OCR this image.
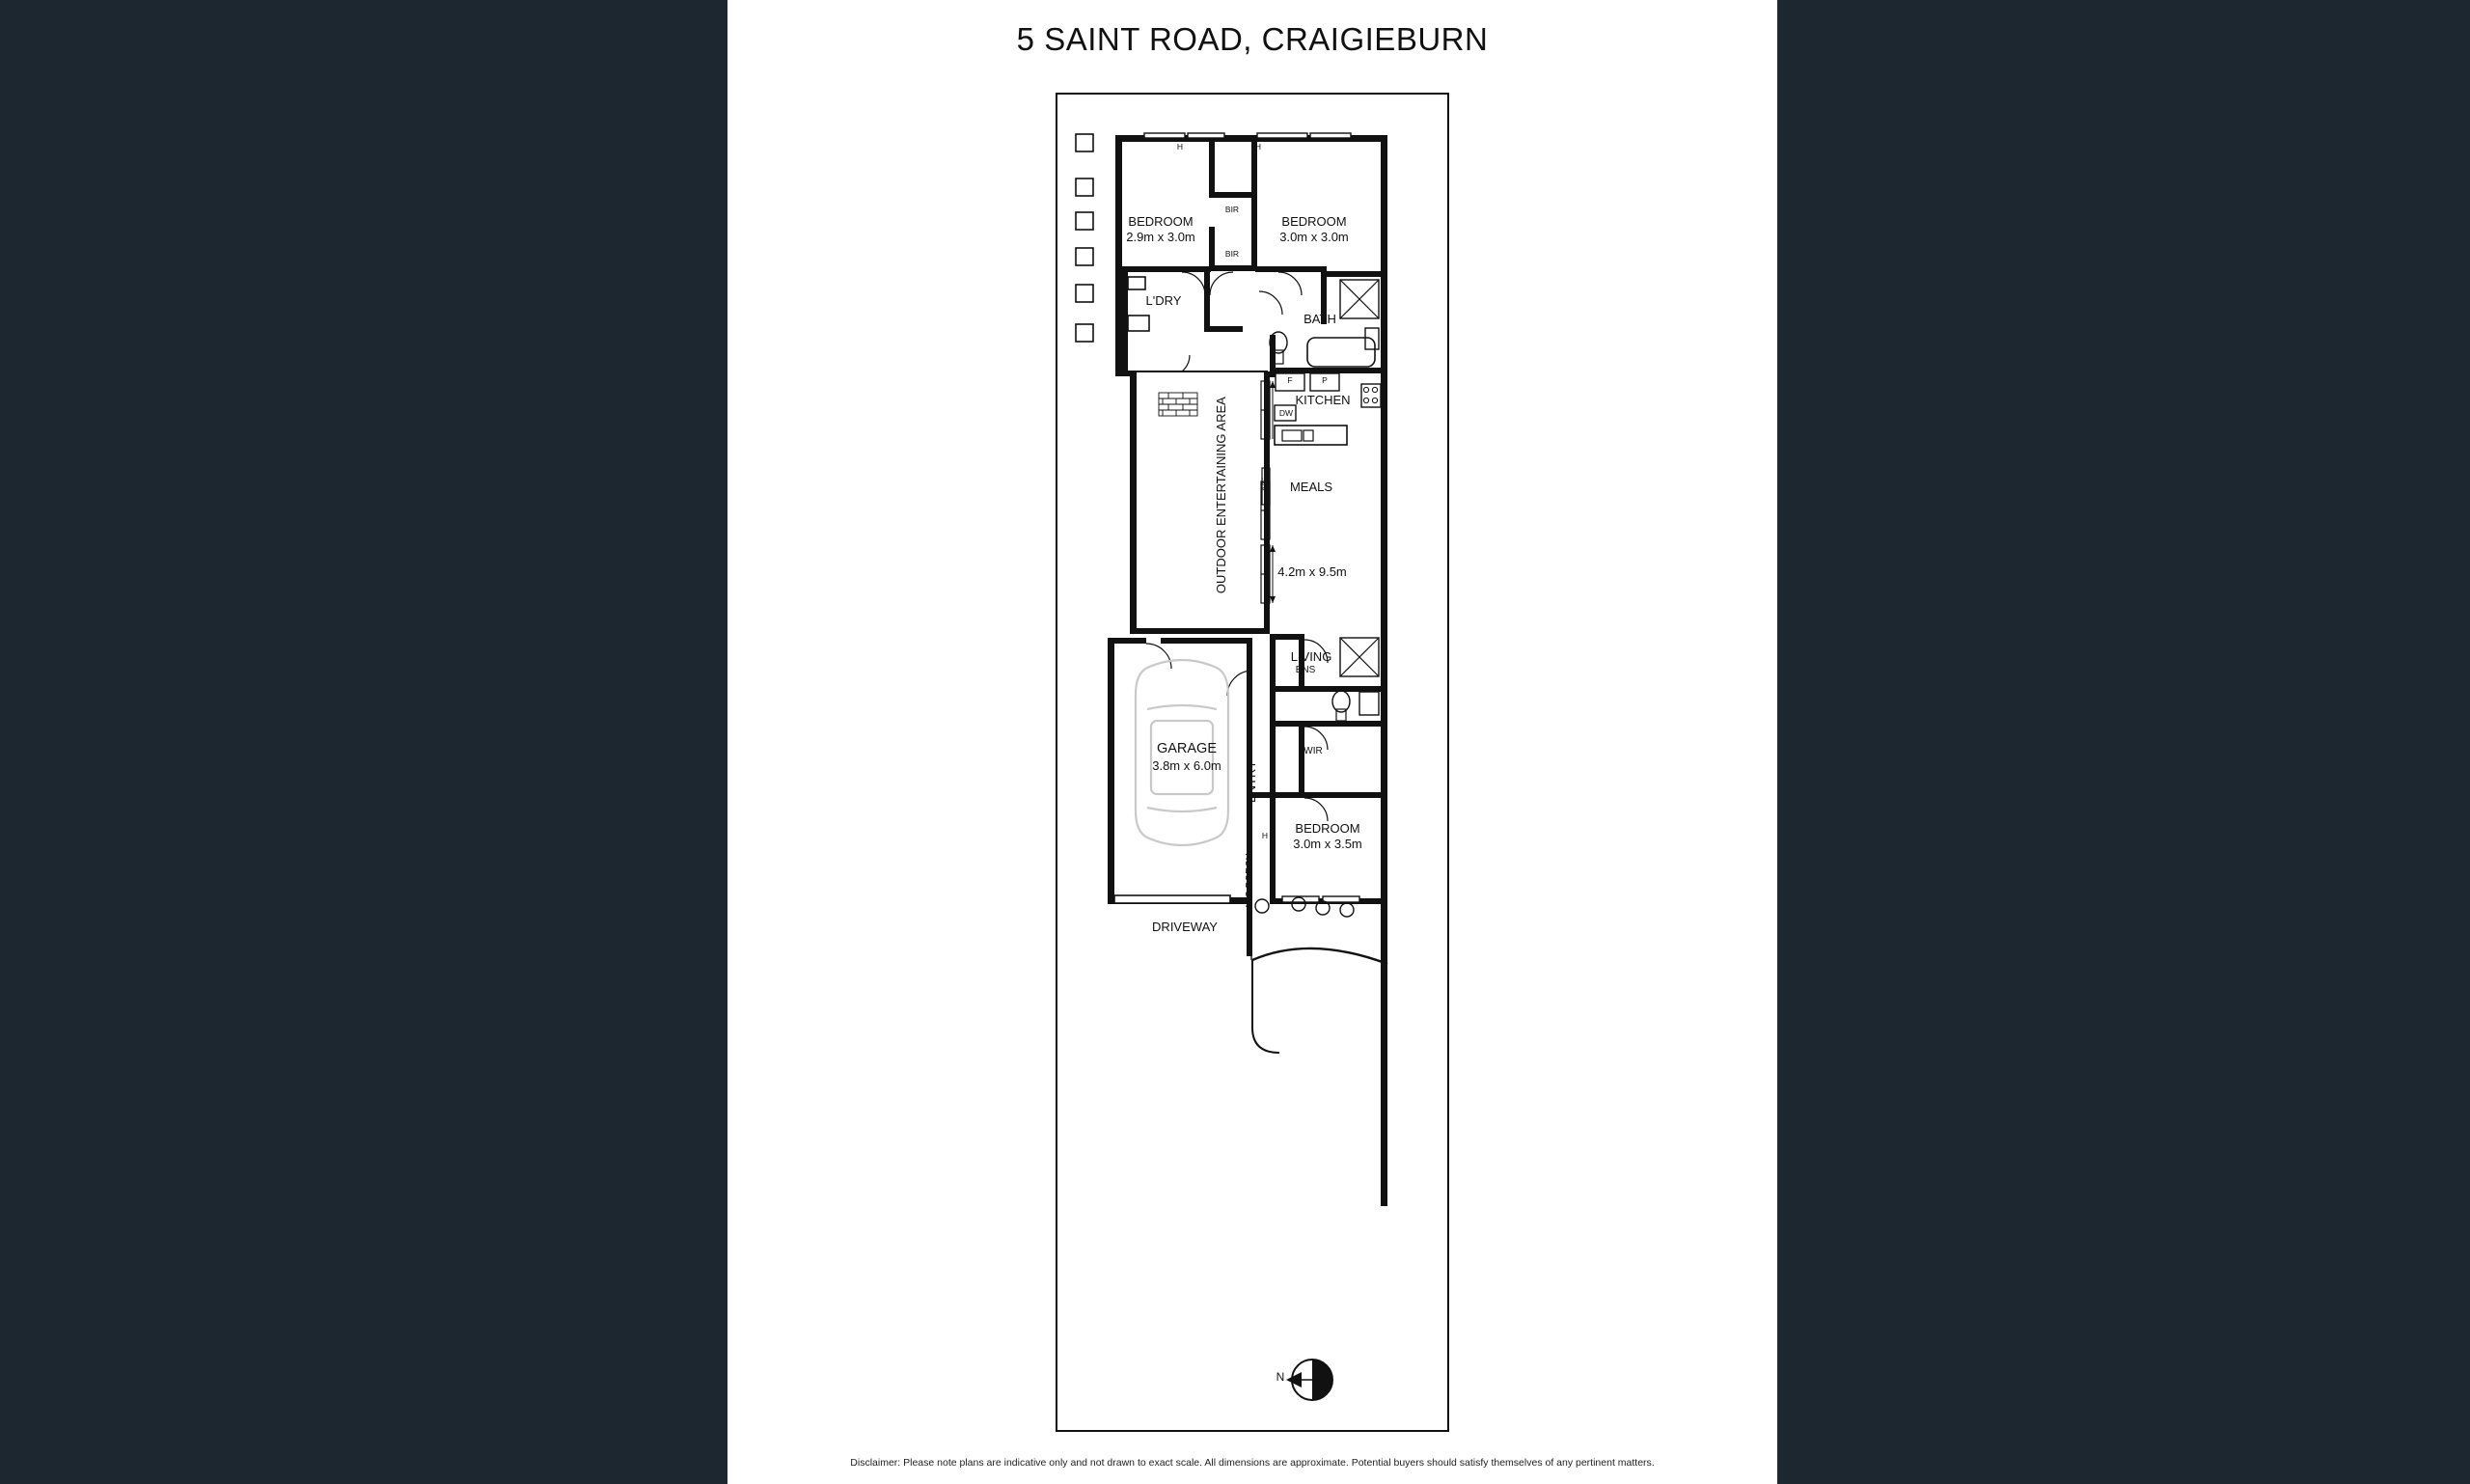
5 SAINT ROAD, CRAIGIEBURN
BEDROOM
2.9m x 3.0m
BEDROOM
3.0m x 3.0m
L'DRY
BATH
KITCHEN
MEALS
4.2m x 9.5m
LIVING
OUTDOOR ENTERTAINING AREA
GARAGE
3.8m x 6.0m	ENTRY
ENS
WIR
BEDROOM
3.0m x 3.5m
U/C PORCH
DRIVEWAY
BIR
BIR
H	H
H
F	P
DW
A/C
N
Disclaimer: Please note plans are indicative only and not drawn to exact scale. All dimensions are approximate. Potential buyers should satisfy themselves of any pertinent matters.
